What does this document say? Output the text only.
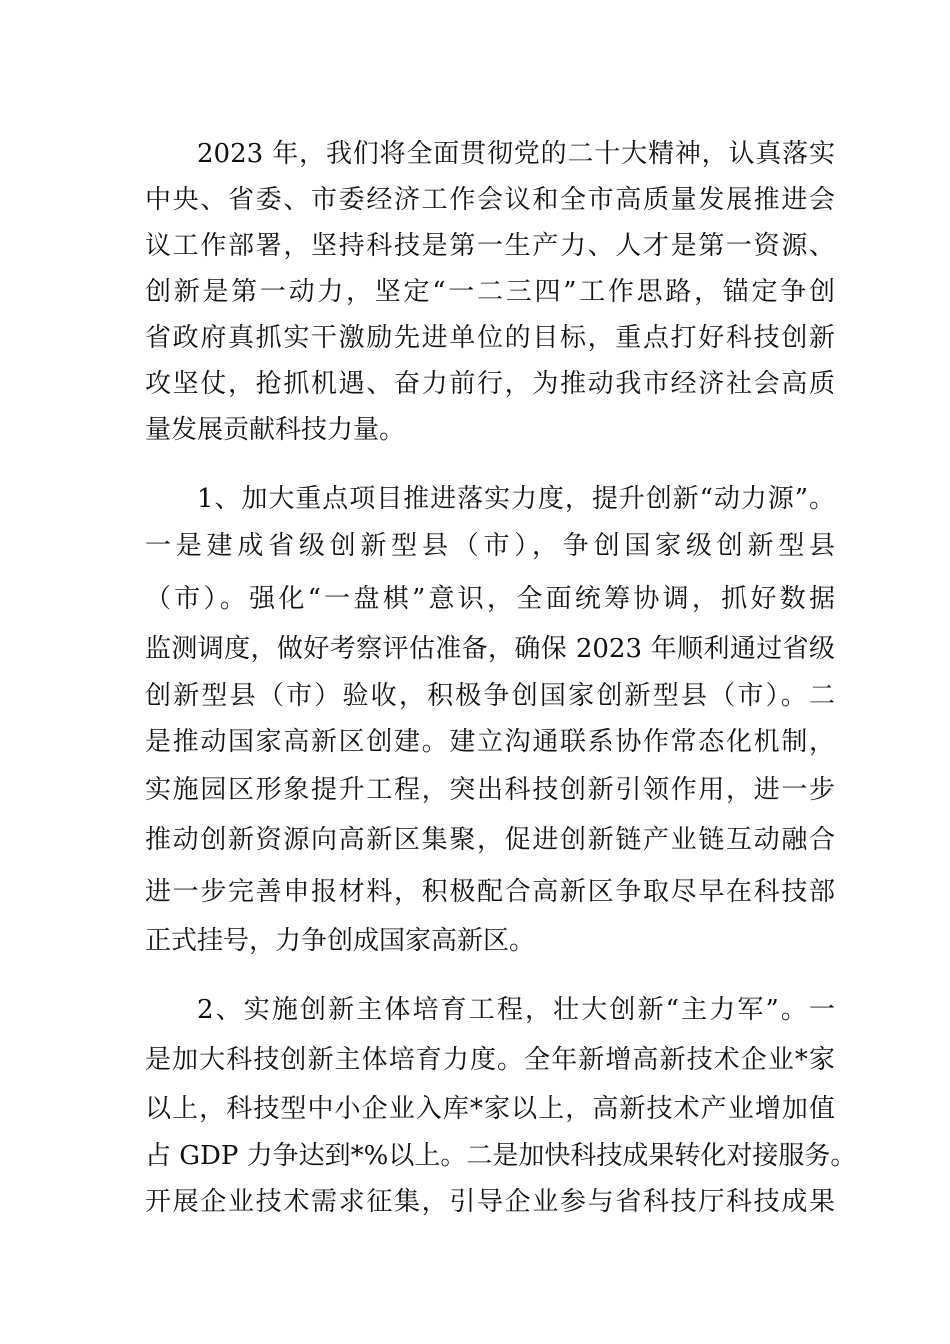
2023 年，我们将全面贯彻党的二十大精神，认真落实
中央、省委、市委经济工作会议和全市高质量发展推进会
议工作部署，坚持科技是第一生产力、人才是第一资源、
创新是第一动力，坚定“一二三四”工作思路，锚定争创
省政府真抓实干激励先进单位的目标，重点打好科技创新
攻坚仗，抢抓机遇、奋力前行，为推动我市经济社会高质
量发展贡献科技力量。
1、加大重点项目推进落实力度，提升创新“动力源”。
一是建成省级创新型县（市），争创国家级创新型县
（市）。强化“一盘棋”意识，全面统筹协调，抓好数据
监测调度，做好考察评估准备，确保 2023 年顺利通过省级
创新型县（市）验收，积极争创国家创新型县（市）。二
是推动国家高新区创建。建立沟通联系协作常态化机制，
实施园区形象提升工程，突出科技创新引领作用，进一步
推动创新资源向高新区集聚，促进创新链产业链互动融合
进一步完善申报材料，积极配合高新区争取尽早在科技部
正式挂号，力争创成国家高新区。
2、实施创新主体培育工程，壮大创新“主力军”。一
是加大科技创新主体培育力度。全年新增高新技术企业*家
以上，科技型中小企业入库*家以上，高新技术产业增加值
占 GDP 力争达到*%以上。二是加快科技成果转化对接服务。
开展企业技术需求征集，引导企业参与省科技厅科技成果
